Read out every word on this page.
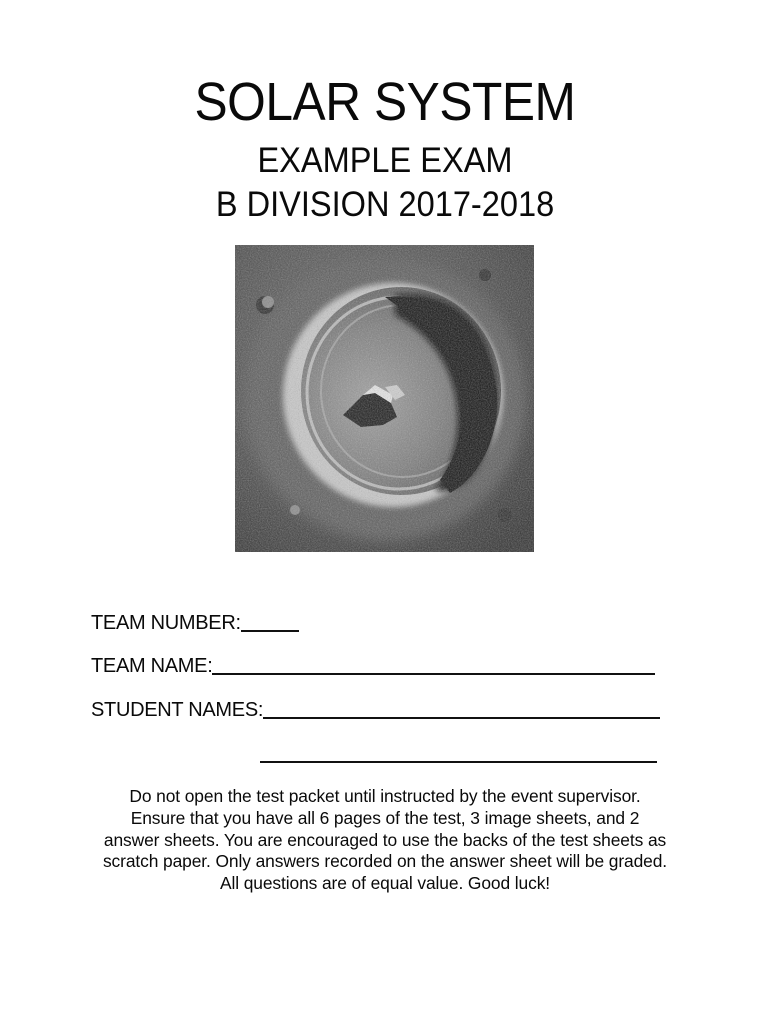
SOLAR SYSTEM
EXAMPLE EXAM
B DIVISION 2017-2018
TEAM NUMBER:
TEAM NAME:
STUDENT NAMES:
Do not open the test packet until instructed by the event supervisor.
Ensure that you have all 6 pages of the test, 3 image sheets, and 2
answer sheets. You are encouraged to use the backs of the test sheets as
scratch paper. Only answers recorded on the answer sheet will be graded.
All questions are of equal value. Good luck!
